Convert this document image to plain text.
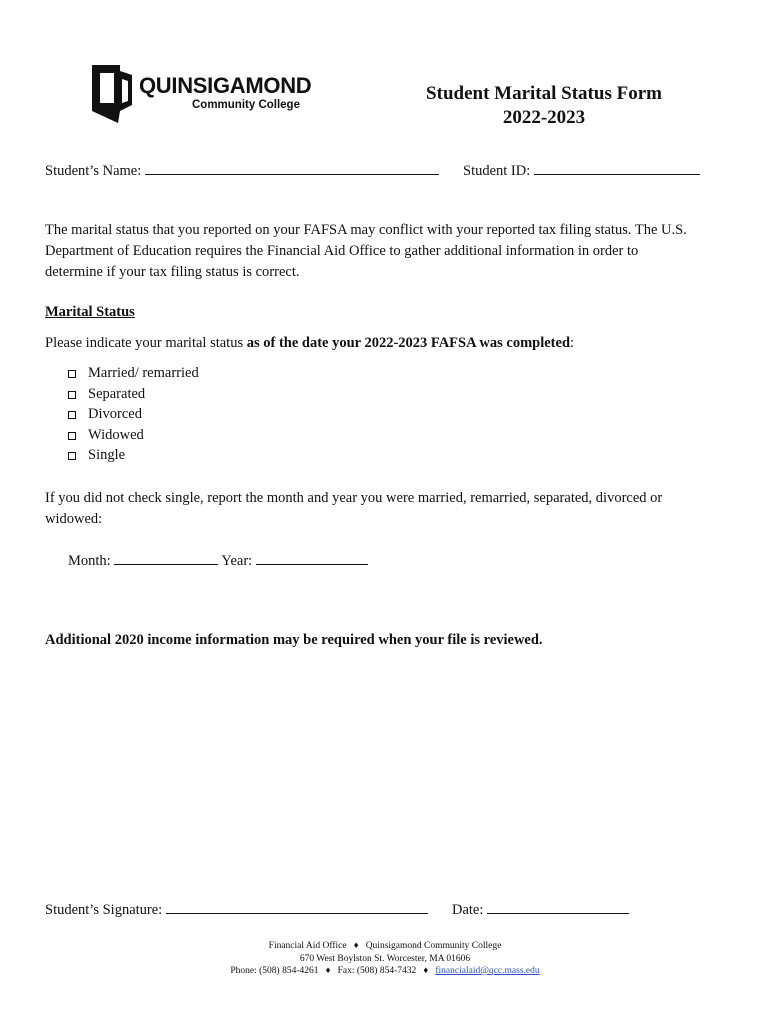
QUINSIGAMOND
Community College
Student Marital Status Form
2022-2023
Student’s Name:	Student ID:
The marital status that you reported on your FAFSA may conflict with your reported tax filing status. The U.S.
Department of Education requires the Financial Aid Office to gather additional information in order to
determine if your tax filing status is correct.
Marital Status
Please indicate your marital status as of the date your 2022-2023 FAFSA was completed:
Married/ remarried
Separated
Divorced
Widowed
Single
If you did not check single, report the month and year you were married, remarried, separated, divorced or
widowed:
Month:	Year:
Additional 2020 income information may be required when your file is reviewed.
Student’s Signature:	Date:
Financial Aid Office ♦ Quinsigamond Community College
670 West Boylston St. Worcester, MA 01606
Phone: (508) 854-4261 ♦ Fax: (508) 854-7432 ♦ financialaid@qcc.mass.edu
